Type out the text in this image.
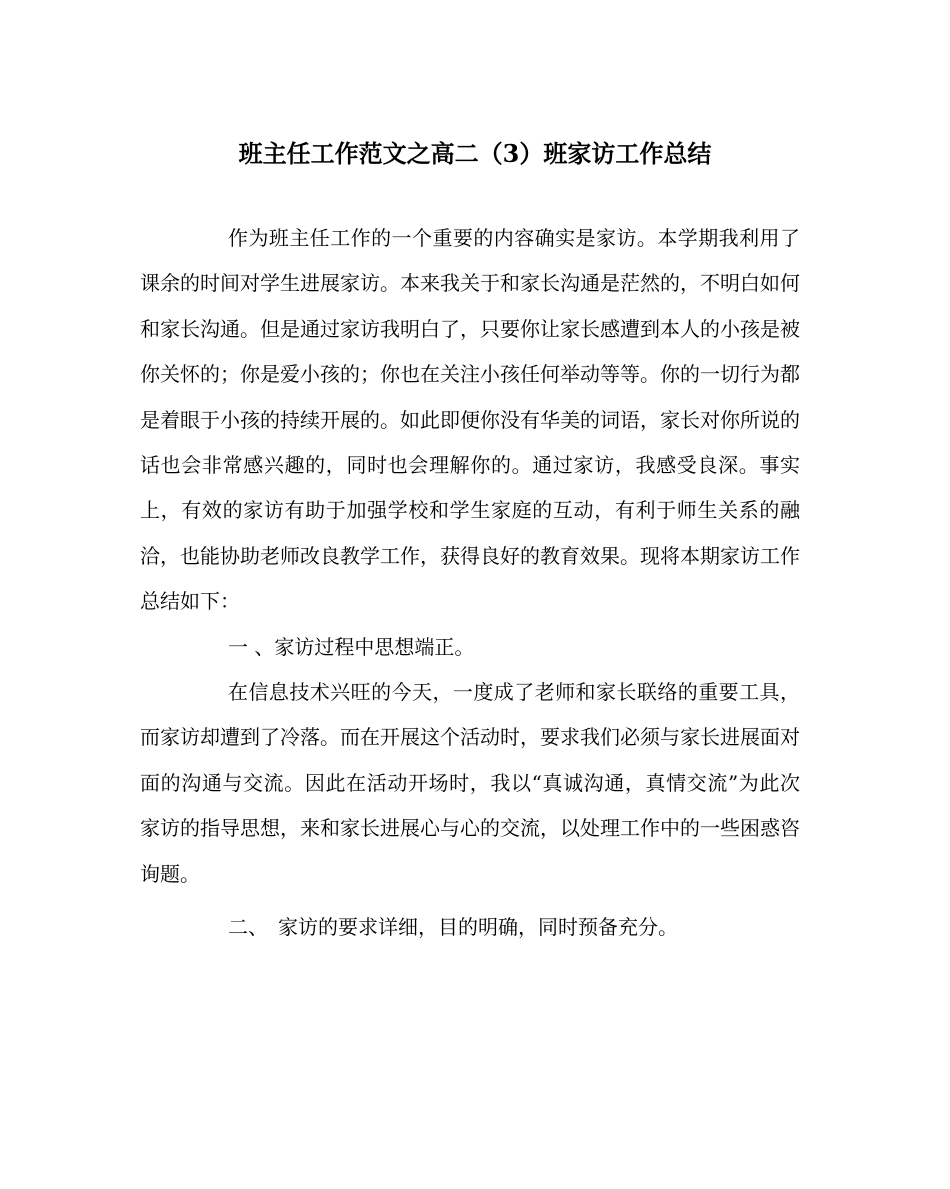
班主任工作范文之高二（3）班家访工作总结

作为班主任工作的一个重要的内容确实是家访。本学期我利用了课余的时间对学生进展家访。本来我关于和家长沟通是茫然的，不明白如何和家长沟通。但是通过家访我明白了，只要你让家长感遭到本人的小孩是被你关怀的；你是爱小孩的；你也在关注小孩任何举动等等。你的一切行为都是着眼于小孩的持续开展的。如此即便你没有华美的词语，家长对你所说的话也会非常感兴趣的，同时也会理解你的。通过家访，我感受良深。事实上，有效的家访有助于加强学校和学生家庭的互动，有利于师生关系的融洽，也能协助老师改良教学工作，获得良好的教育效果。现将本期家访工作总结如下：

一 、家访过程中思想端正。

在信息技术兴旺的今天，一度成了老师和家长联络的重要工具，而家访却遭到了冷落。而在开展这个活动时，要求我们必须与家长进展面对面的沟通与交流。因此在活动开场时，我以“真诚沟通，真情交流”为此次家访的指导思想，来和家长进展心与心的交流，以处理工作中的一些困惑咨询题。

二、　家访的要求详细，目的明确，同时预备充分。
